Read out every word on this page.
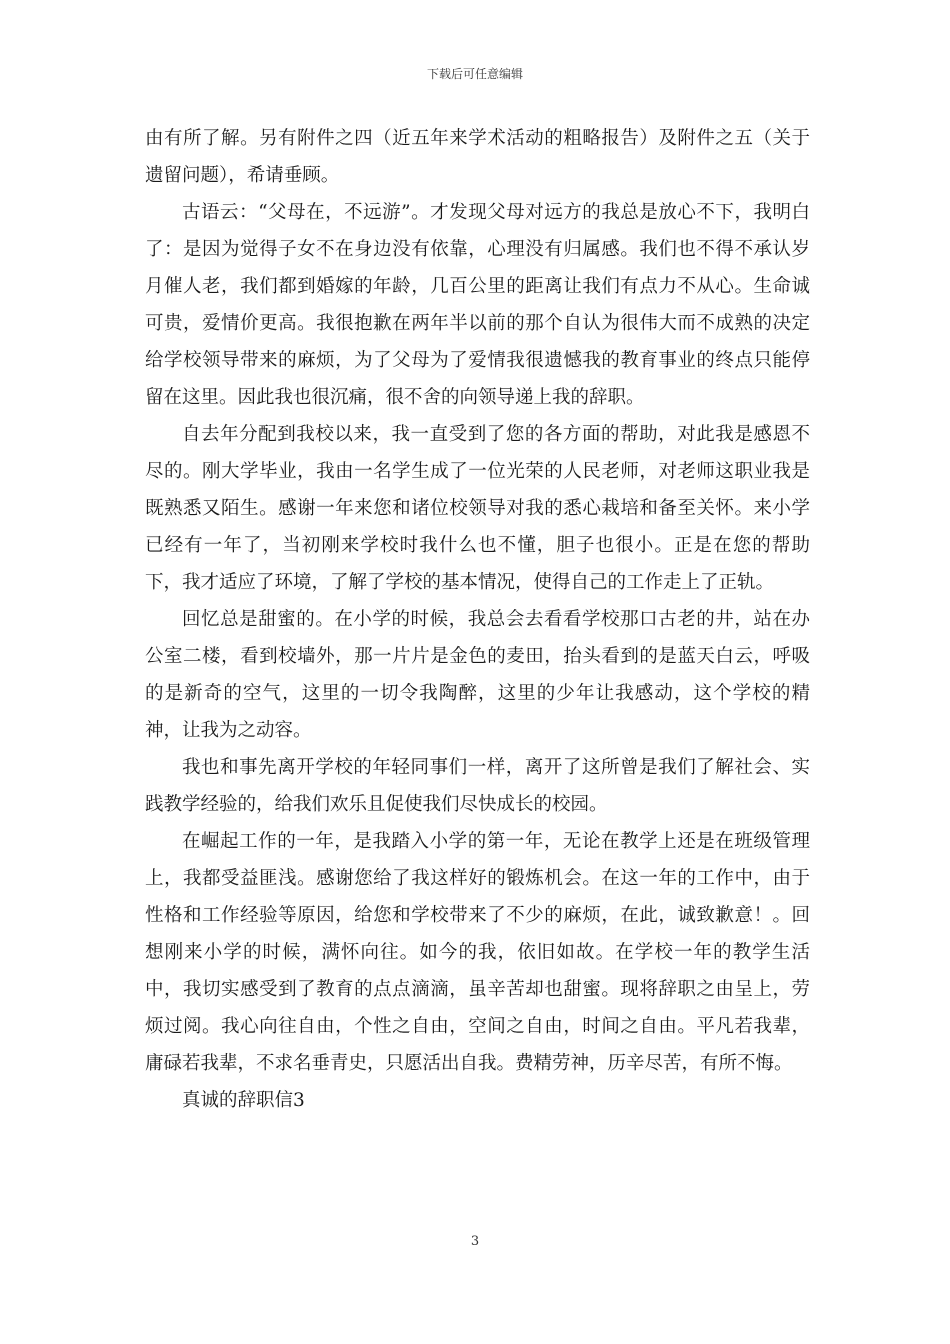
下载后可任意编辑

由有所了解。另有附件之四（近五年来学术活动的粗略报告）及附件之五（关于遗留问题），希请垂顾。

古语云：“父母在，不远游”。才发现父母对远方的我总是放心不下，我明白了：是因为觉得子女不在身边没有依靠，心理没有归属感。我们也不得不承认岁月催人老，我们都到婚嫁的年龄，几百公里的距离让我们有点力不从心。生命诚可贵，爱情价更高。我很抱歉在两年半以前的那个自认为很伟大而不成熟的决定给学校领导带来的麻烦，为了父母为了爱情我很遗憾我的教育事业的终点只能停留在这里。因此我也很沉痛，很不舍的向领导递上我的辞职。

自去年分配到我校以来，我一直受到了您的各方面的帮助，对此我是感恩不尽的。刚大学毕业，我由一名学生成了一位光荣的人民老师，对老师这职业我是既熟悉又陌生。感谢一年来您和诸位校领导对我的悉心栽培和备至关怀。来小学已经有一年了，当初刚来学校时我什么也不懂，胆子也很小。正是在您的帮助下，我才适应了环境，了解了学校的基本情况，使得自己的工作走上了正轨。

回忆总是甜蜜的。在小学的时候，我总会去看看学校那口古老的井，站在办公室二楼，看到校墙外，那一片片是金色的麦田，抬头看到的是蓝天白云，呼吸的是新奇的空气，这里的一切令我陶醉，这里的少年让我感动，这个学校的精神，让我为之动容。

我也和事先离开学校的年轻同事们一样，离开了这所曾是我们了解社会、实践教学经验的，给我们欢乐且促使我们尽快成长的校园。

在崛起工作的一年，是我踏入小学的第一年，无论在教学上还是在班级管理上，我都受益匪浅。感谢您给了我这样好的锻炼机会。在这一年的工作中，由于性格和工作经验等原因，给您和学校带来了不少的麻烦，在此，诚致歉意！。回想刚来小学的时候，满怀向往。如今的我，依旧如故。在学校一年的教学生活中，我切实感受到了教育的点点滴滴，虽辛苦却也甜蜜。现将辞职之由呈上，劳烦过阅。我心向往自由，个性之自由，空间之自由，时间之自由。平凡若我辈，庸碌若我辈，不求名垂青史，只愿活出自我。费精劳神，历辛尽苦，有所不悔。

真诚的辞职信3

3
